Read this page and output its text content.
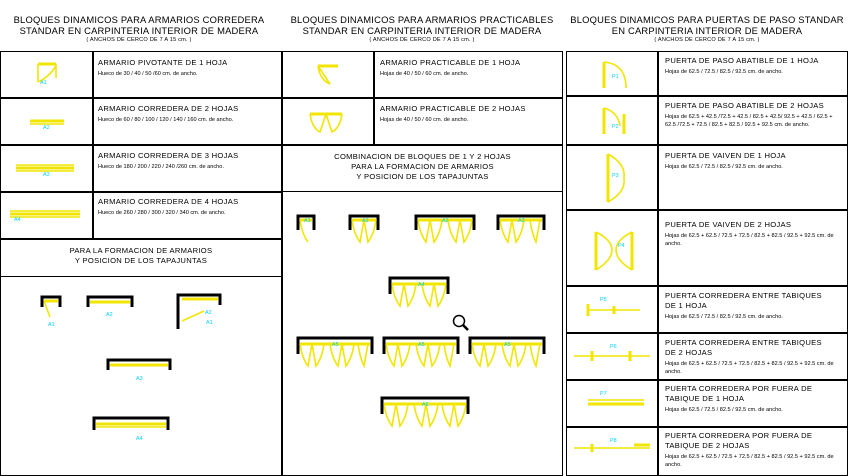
BLOQUES DINAMICOS PARA ARMARIOS CORREDERA
STANDAR EN CARPINTERIA INTERIOR DE MADERA
( ANCHOS DE CERCO DE 7 A 15 cm. )
BLOQUES DINAMICOS PARA ARMARIOS PRACTICABLES
STANDAR EN CARPINTERIA INTERIOR DE MADERA
( ANCHOS DE CERCO DE 7 A 15 cm. )
BLOQUES DINAMICOS PARA PUERTAS DE PASO STANDAR
EN CARPINTERIA INTERIOR DE MADERA
( ANCHOS DE CERCO DE 7 A 15 cm. )
A1
ARMARIO PIVOTANTE DE 1 HOJA
Hueco de 30 / 40 / 50 /60 cm. de ancho.
A2
ARMARIO CORREDERA DE 2 HOJAS
Hueco de 60 / 80 / 100 / 120 / 140 / 160 cm. de ancho.
A3
ARMARIO CORREDERA DE 3 HOJAS
Hueco de 180 / 200 / 220 / 240 /260 cm. de ancho.
A4
ARMARIO CORREDERA DE 4 HOJAS
Hueco de 260 / 280 / 300 / 320 / 340 cm. de ancho.
PARA LA FORMACION DE ARMARIOS
Y POSICION DE LOS TAPAJUNTAS
A1
A2	A2
A1
A3
A4
ARMARIO PRACTICABLE DE 1 HOJA
Hojas de 40 / 50 / 60 cm. de ancho.
ARMARIO PRACTICABLE DE 2 HOJAS
Hojas de 40 / 50 / 60 cm. de ancho.
COMBINACION DE BLOQUES DE 1 Y 2 HOJAS
PARA LA FORMACION DE ARMARIOS
Y POSICION DE LOS TAPAJUNTAS
A1	A2	A2	A3
A4
A5	A5	A5
A6
P1
PUERTA DE PASO ABATIBLE DE 1 HOJA
Hojas de 62.5 / 72.5 / 82.5 / 92.5 cm. de ancho.
P2
PUERTA DE PASO ABATIBLE DE 2 HOJAS
Hojas de 62.5 + 42.5 /72.5 + 42.5 / 82.5 + 42.5/ 92.5 + 42.5 / 62.5 + 62.5 /72.5 + 72.5 / 82.5 + 82.5 / 92.5 + 92.5 cm. de ancho.
P3
PUERTA DE VAIVEN DE 1 HOJA
Hojas de 62.5 / 72.5 / 82.5 / 92.5 cm. de ancho.
P4
PUERTA DE VAIVEN DE 2 HOJAS
Hojas de 62.5 + 62.5 / 72.5 + 72.5 / 82.5 + 82.5 / 92.5 + 92.5 cm. de ancho.
P5	PUERTA CORREDERA ENTRE TABIQUES
DE 1 HOJA
Hojas de 62.5 / 72.5 / 82.5 / 92.5 cm. de ancho.
P6	PUERTA CORREDERA ENTRE TABIQUES
DE 2 HOJAS
Hojas de 62.5 + 62.5 / 72.5 + 72.5 / 82.5 + 82.5 / 92.5 + 92.5 cm. de ancho.
P7
PUERTA CORREDERA POR FUERA DE
TABIQUE DE 1 HOJA
Hojas de 62.5 / 72.5 / 82.5 / 92.5 cm. de ancho.
P8
PUERTA CORREDERA POR FUERA DE
TABIQUE DE 2 HOJAS
Hojas de 62.5 + 62.5 / 72.5 + 72.5 / 82.5 + 82.5 / 92.5 + 92.5 cm. de ancho.
